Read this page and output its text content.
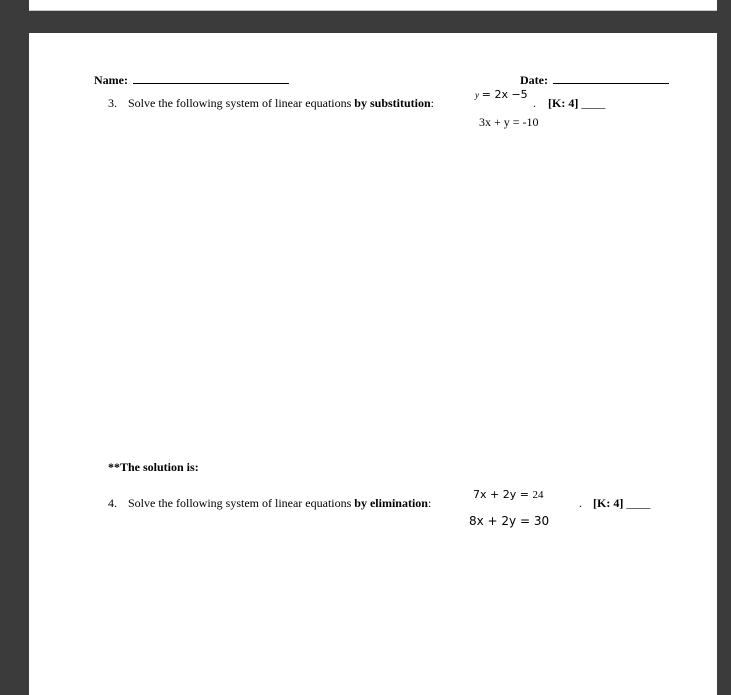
Name:	Date:
3. Solve the following system of linear equations by substitution:
y = 2x −5
. [K: 4] ____
3x + y = -10
**The solution is:
4. Solve the following system of linear equations by elimination:
7x + 2y = 24
. [K: 4] ____
8x + 2y = 30
